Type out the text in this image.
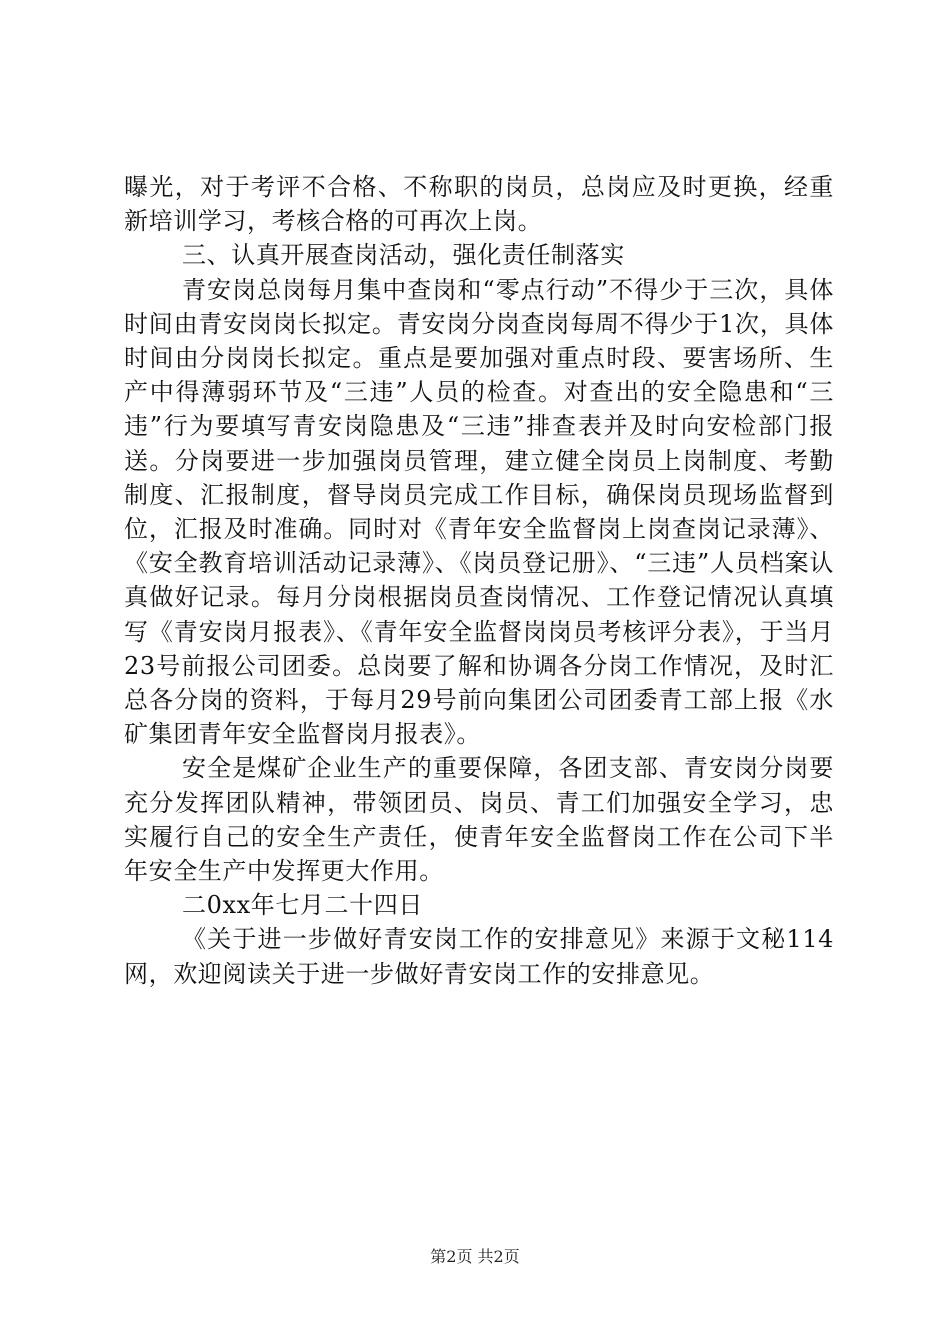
曝光，对于考评不合格、不称职的岗员，总岗应及时更换，经重新培训学习，考核合格的可再次上岗。

三、认真开展查岗活动，强化责任制落实

青安岗总岗每月集中查岗和“零点行动”不得少于三次，具体时间由青安岗岗长拟定。青安岗分岗查岗每周不得少于1次，具体时间由分岗岗长拟定。重点是要加强对重点时段、要害场所、生产中得薄弱环节及“三违”人员的检查。对查出的安全隐患和“三违”行为要填写青安岗隐患及“三违”排查表并及时向安检部门报送。分岗要进一步加强岗员管理，建立健全岗员上岗制度、考勤制度、汇报制度，督导岗员完成工作目标，确保岗员现场监督到位，汇报及时准确。同时对《青年安全监督岗上岗查岗记录薄》、《安全教育培训活动记录薄》、《岗员登记册》、“三违”人员档案认真做好记录。每月分岗根据岗员查岗情况、工作登记情况认真填写《青安岗月报表》、《青年安全监督岗岗员考核评分表》，于当月23号前报公司团委。总岗要了解和协调各分岗工作情况，及时汇总各分岗的资料，于每月29号前向集团公司团委青工部上报《水矿集团青年安全监督岗月报表》。

安全是煤矿企业生产的重要保障，各团支部、青安岗分岗要充分发挥团队精神，带领团员、岗员、青工们加强安全学习，忠实履行自己的安全生产责任，使青年安全监督岗工作在公司下半年安全生产中发挥更大作用。

二0xx年七月二十四日

《关于进一步做好青安岗工作的安排意见》来源于文秘114网，欢迎阅读关于进一步做好青安岗工作的安排意见。

第2页 共2页
